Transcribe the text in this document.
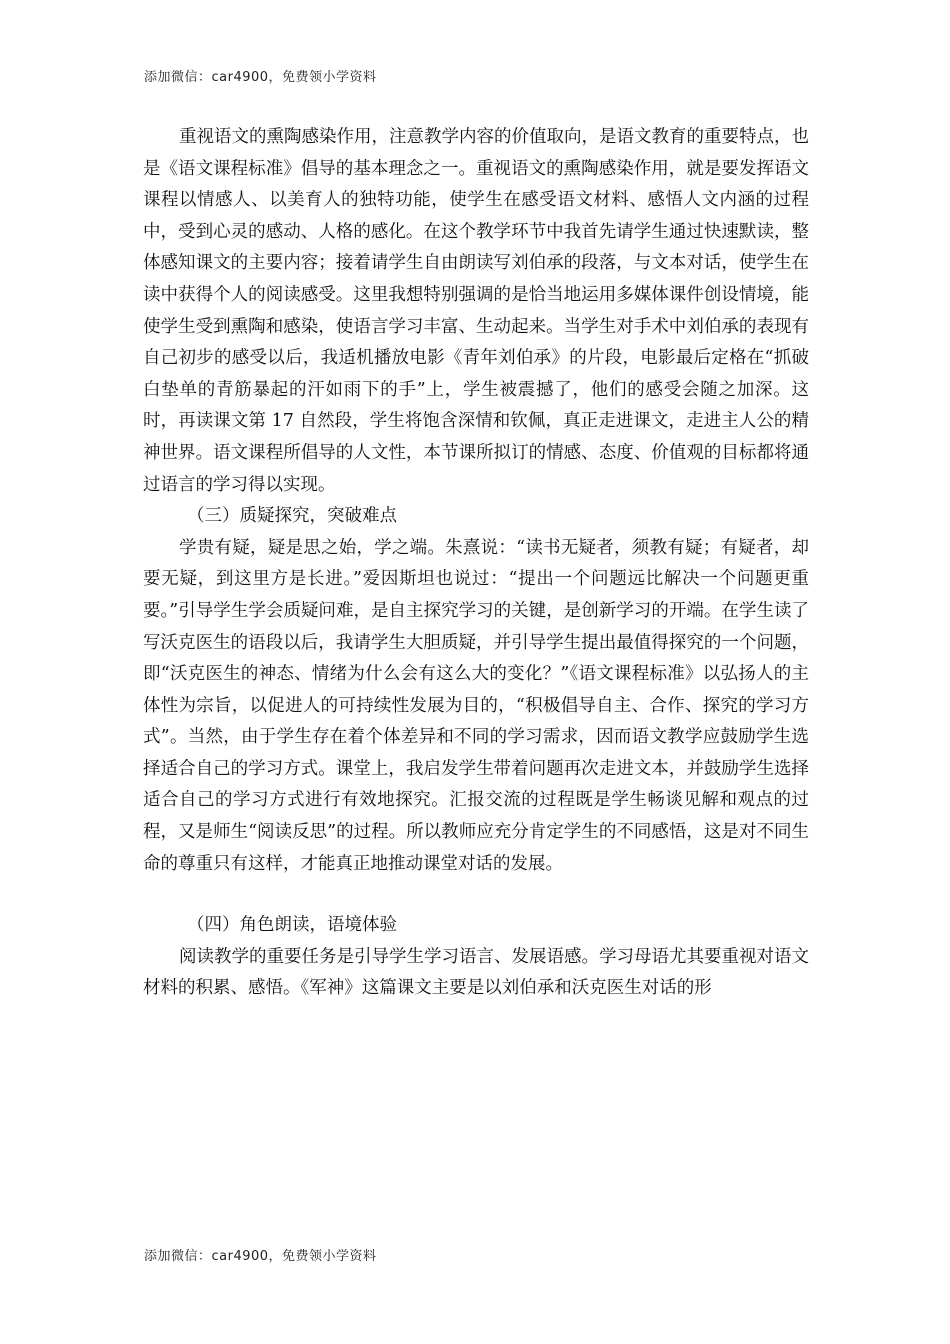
添加微信：car4900，免费领小学资料

重视语文的熏陶感染作用，注意教学内容的价值取向，是语文教育的重要特点，也是《语文课程标准》倡导的基本理念之一。重视语文的熏陶感染作用，就是要发挥语文课程以情感人、以美育人的独特功能，使学生在感受语文材料、感悟人文内涵的过程中，受到心灵的感动、人格的感化。在这个教学环节中我首先请学生通过快速默读，整体感知课文的主要内容；接着请学生自由朗读写刘伯承的段落，与文本对话，使学生在读中获得个人的阅读感受。这里我想特别强调的是恰当地运用多媒体课件创设情境，能使学生受到熏陶和感染，使语言学习丰富、生动起来。当学生对手术中刘伯承的表现有自己初步的感受以后，我适机播放电影《青年刘伯承》的片段，电影最后定格在“抓破白垫单的青筋暴起的汗如雨下的手”上，学生被震撼了，他们的感受会随之加深。这时，再读课文第 17 自然段，学生将饱含深情和钦佩，真正走进课文，走进主人公的精神世界。语文课程所倡导的人文性，本节课所拟订的情感、态度、价值观的目标都将通过语言的学习得以实现。

（三）质疑探究，突破难点

学贵有疑，疑是思之始，学之端。朱熹说：“读书无疑者，须教有疑；有疑者，却要无疑，到这里方是长进。”爱因斯坦也说过：“提出一个问题远比解决一个问题更重要。”引导学生学会质疑问难，是自主探究学习的关键，是创新学习的开端。在学生读了写沃克医生的语段以后，我请学生大胆质疑，并引导学生提出最值得探究的一个问题，即“沃克医生的神态、情绪为什么会有这么大的变化？”《语文课程标准》以弘扬人的主体性为宗旨，以促进人的可持续性发展为目的，“积极倡导自主、合作、探究的学习方式”。当然，由于学生存在着个体差异和不同的学习需求，因而语文教学应鼓励学生选择适合自己的学习方式。课堂上，我启发学生带着问题再次走进文本，并鼓励学生选择适合自己的学习方式进行有效地探究。汇报交流的过程既是学生畅谈见解和观点的过程，又是师生“阅读反思”的过程。所以教师应充分肯定学生的不同感悟，这是对不同生命的尊重只有这样，才能真正地推动课堂对话的发展。

（四）角色朗读，语境体验

阅读教学的重要任务是引导学生学习语言、发展语感。学习母语尤其要重视对语文材料的积累、感悟。《军神》这篇课文主要是以刘伯承和沃克医生对话的形

添加微信：car4900，免费领小学资料
